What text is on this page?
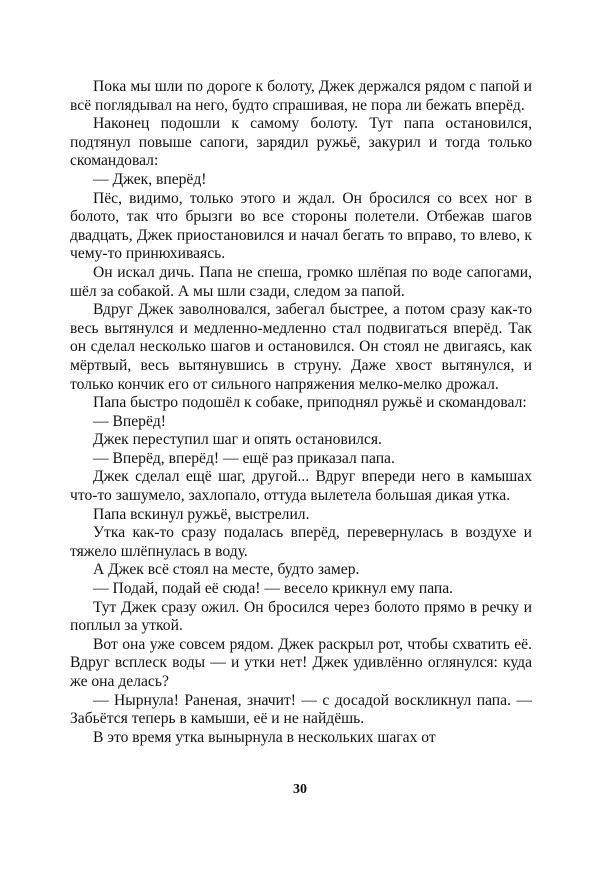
Пока мы шли по дороге к болоту, Джек держался рядом с папой и всё поглядывал на него, будто спрашивая, не пора ли бежать вперёд.

Наконец подошли к самому болоту. Тут папа остановился, подтянул повыше сапоги, зарядил ружьё, закурил и тогда только скомандовал:

— Джек, вперёд!

Пёс, видимо, только этого и ждал. Он бросился со всех ног в болото, так что брызги во все стороны полетели. Отбежав шагов двадцать, Джек приостановился и начал бегать то вправо, то влево, к чему-то принюхиваясь.

Он искал дичь. Папа не спеша, громко шлёпая по воде сапогами, шёл за собакой. А мы шли сзади, следом за папой.

Вдруг Джек заволновался, забегал быстрее, а потом сразу как-то весь вытянулся и медленно-медленно стал подвигаться вперёд. Так он сделал несколько шагов и остановился. Он стоял не двигаясь, как мёртвый, весь вытянувшись в струну. Даже хвост вытянулся, и только кончик его от сильного напряжения мелко-мелко дрожал.

Папа быстро подошёл к собаке, приподнял ружьё и скомандовал:

— Вперёд!

Джек переступил шаг и опять остановился.

— Вперёд, вперёд! — ещё раз приказал папа.

Джек сделал ещё шаг, другой... Вдруг впереди него в камышах что-то зашумело, захлопало, оттуда вылетела большая дикая утка.

Папа вскинул ружьё, выстрелил.

Утка как-то сразу подалась вперёд, перевернулась в воздухе и тяжело шлёпнулась в воду.

А Джек всё стоял на месте, будто замер.

— Подай, подай её сюда! — весело крикнул ему папа.

Тут Джек сразу ожил. Он бросился через болото прямо в речку и поплыл за уткой.

Вот она уже совсем рядом. Джек раскрыл рот, чтобы схватить её. Вдруг всплеск воды — и утки нет! Джек удивлённо оглянулся: куда же она делась?

— Нырнула! Раненая, значит! — с досадой воскликнул папа. — Забьётся теперь в камыши, её и не найдёшь.

В это время утка вынырнула в нескольких шагах от

30
